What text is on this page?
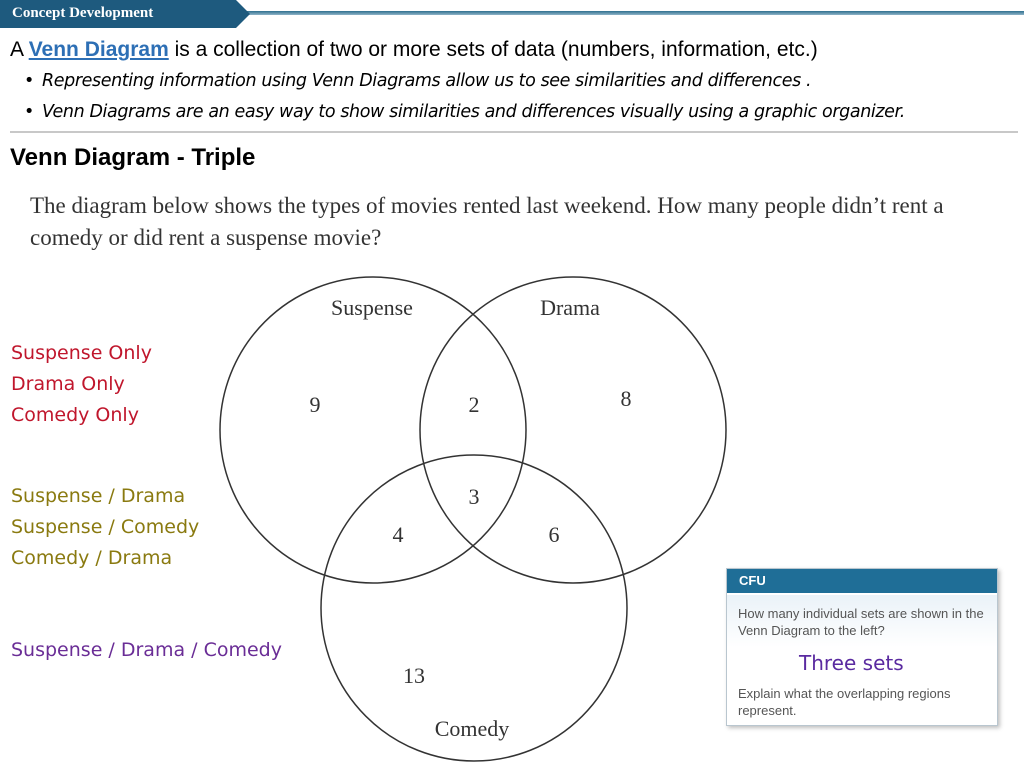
Concept Development
A Venn Diagram is a collection of two or more sets of data (numbers, information, etc.)
• Representing information using Venn Diagrams allow us to see similarities and differences .
• Venn Diagrams are an easy way to show similarities and differences visually using a graphic organizer.
Venn Diagram - Triple
The diagram below shows the types of movies rented last weekend. How many people didn’t rent a comedy or did rent a suspense movie?
Suspense	Drama
Comedy
9	2	8
3
4	6
13
Suspense Only
Drama Only
Comedy Only
Suspense / Drama
Suspense / Comedy
Comedy / Drama
Suspense / Drama / Comedy
CFU
How many individual sets are shown in the Venn Diagram to the left?
Three sets
Explain what the overlapping regions represent.
